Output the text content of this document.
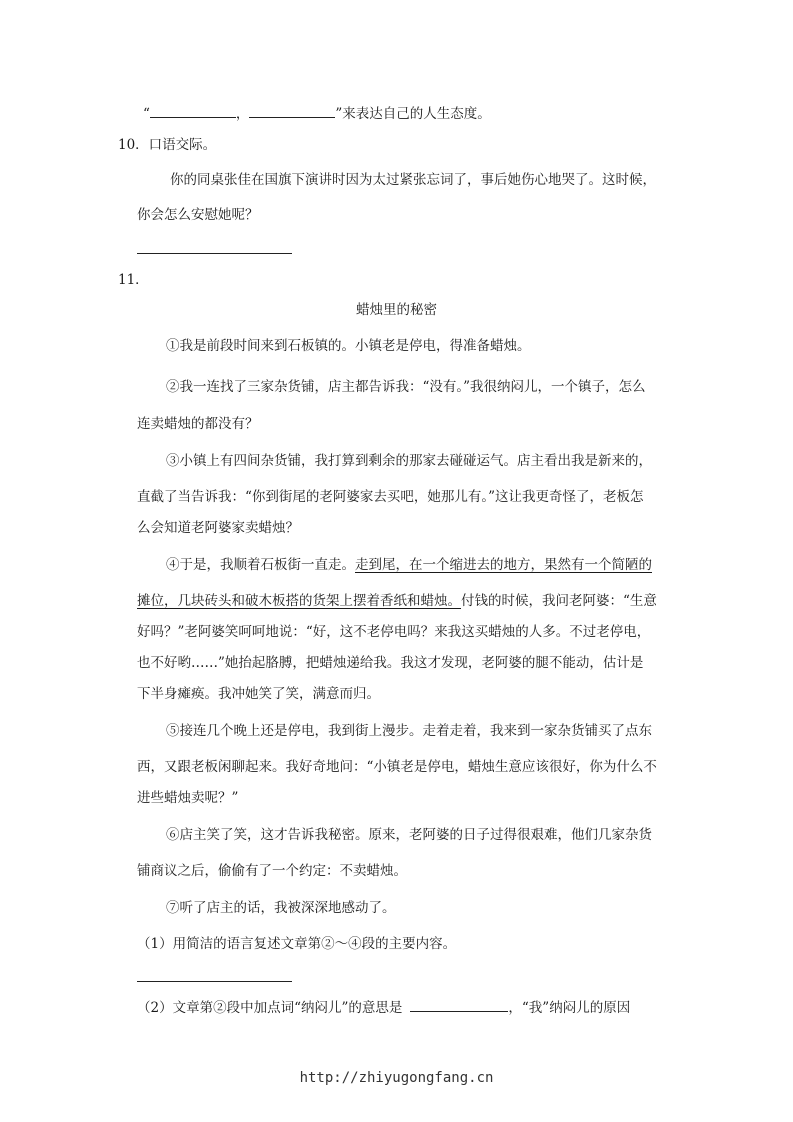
“	，	”来表达自己的人生态度。
10．口语交际。
你的同桌张佳在国旗下演讲时因为太过紧张忘词了，事后她伤心地哭了。这时候，
你会怎么安慰她呢？
11．
蜡烛里的秘密
①我是前段时间来到石板镇的。小镇老是停电，得准备蜡烛。
②我一连找了三家杂货铺，店主都告诉我：“没有。”我很纳闷儿，一个镇子，怎么
连卖蜡烛的都没有？
③小镇上有四间杂货铺，我打算到剩余的那家去碰碰运气。店主看出我是新来的，
直截了当告诉我：“你到街尾的老阿婆家去买吧，她那儿有。”这让我更奇怪了，老板怎
么会知道老阿婆家卖蜡烛？
④于是，我顺着石板街一直走。走到尾，在一个缩进去的地方，果然有一个简陋的
摊位，几块砖头和破木板搭的货架上摆着香纸和蜡烛。付钱的时候，我问老阿婆：“生意
好吗？”老阿婆笑呵呵地说：“好，这不老停电吗？来我这买蜡烛的人多。不过老停电，
也不好哟……”她抬起胳膊，把蜡烛递给我。我这才发现，老阿婆的腿不能动，估计是
下半身瘫痪。我冲她笑了笑，满意而归。
⑤接连几个晚上还是停电，我到街上漫步。走着走着，我来到一家杂货铺买了点东
西，又跟老板闲聊起来。我好奇地问：“小镇老是停电，蜡烛生意应该很好，你为什么不
进些蜡烛卖呢？”
⑥店主笑了笑，这才告诉我秘密。原来，老阿婆的日子过得很艰难，他们几家杂货
铺商议之后，偷偷有了一个约定：不卖蜡烛。
⑦听了店主的话，我被深深地感动了。
（1）用简洁的语言复述文章第②～④段的主要内容。
（2）文章第②段中加点词“纳闷儿”的意思是	，“我”纳闷儿的原因
http://zhiyugongfang.cn
